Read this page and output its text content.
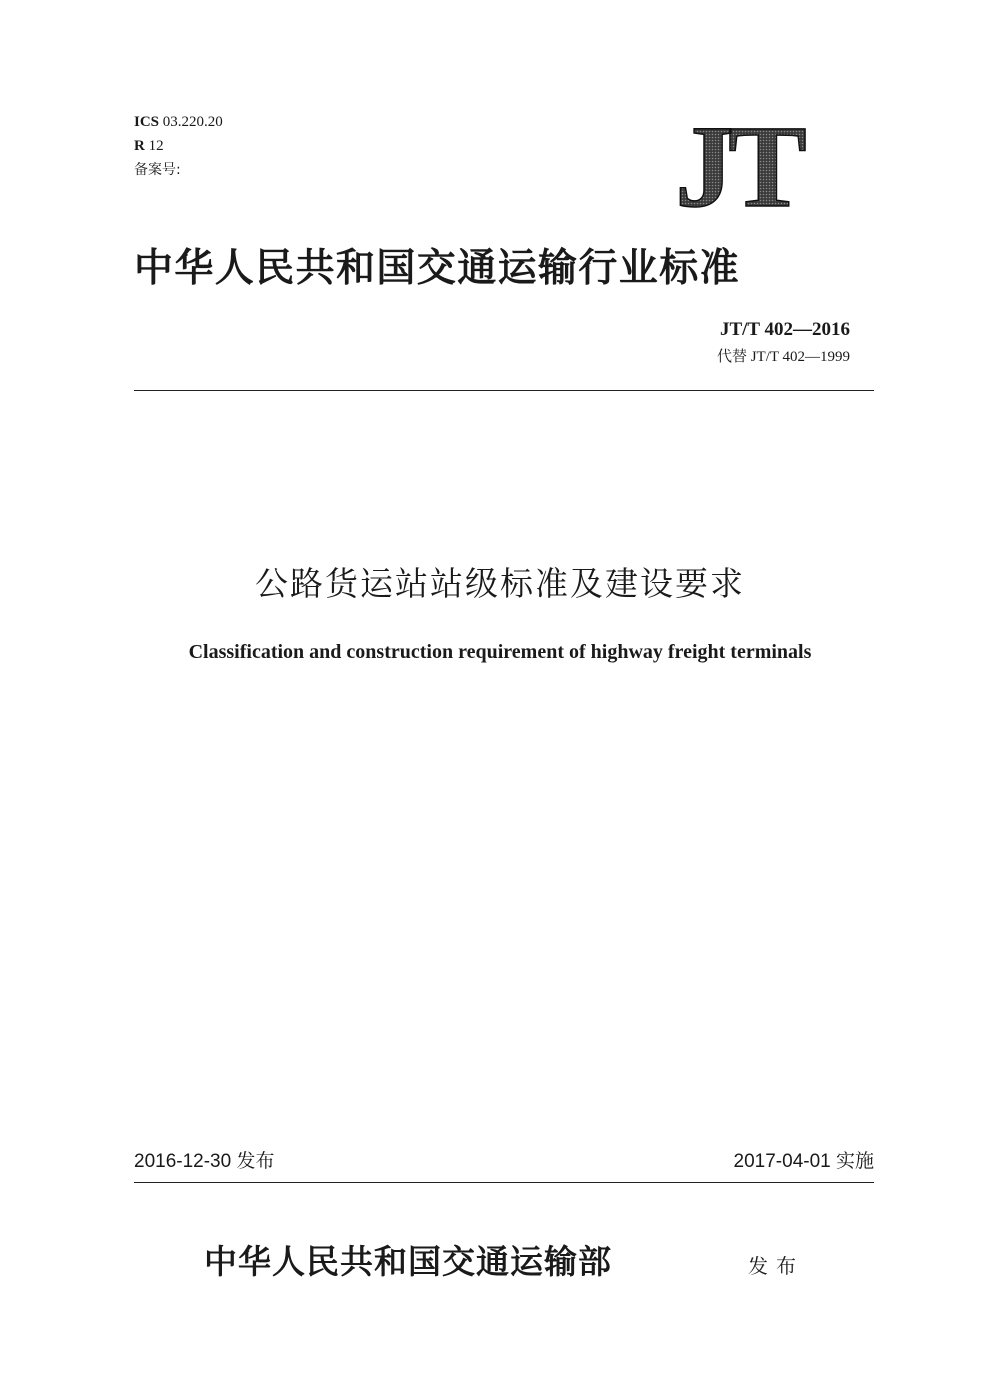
ICS 03.220.20
R 12
备案号:	JT
中华人民共和国交通运输行业标准
JT/T 402—2016
代替 JT/T 402—1999
公路货运站站级标准及建设要求
Classification and construction requirement of highway freight terminals
2016-12-30 发布	2017-04-01 实施
中华人民共和国交通运输部	发布
